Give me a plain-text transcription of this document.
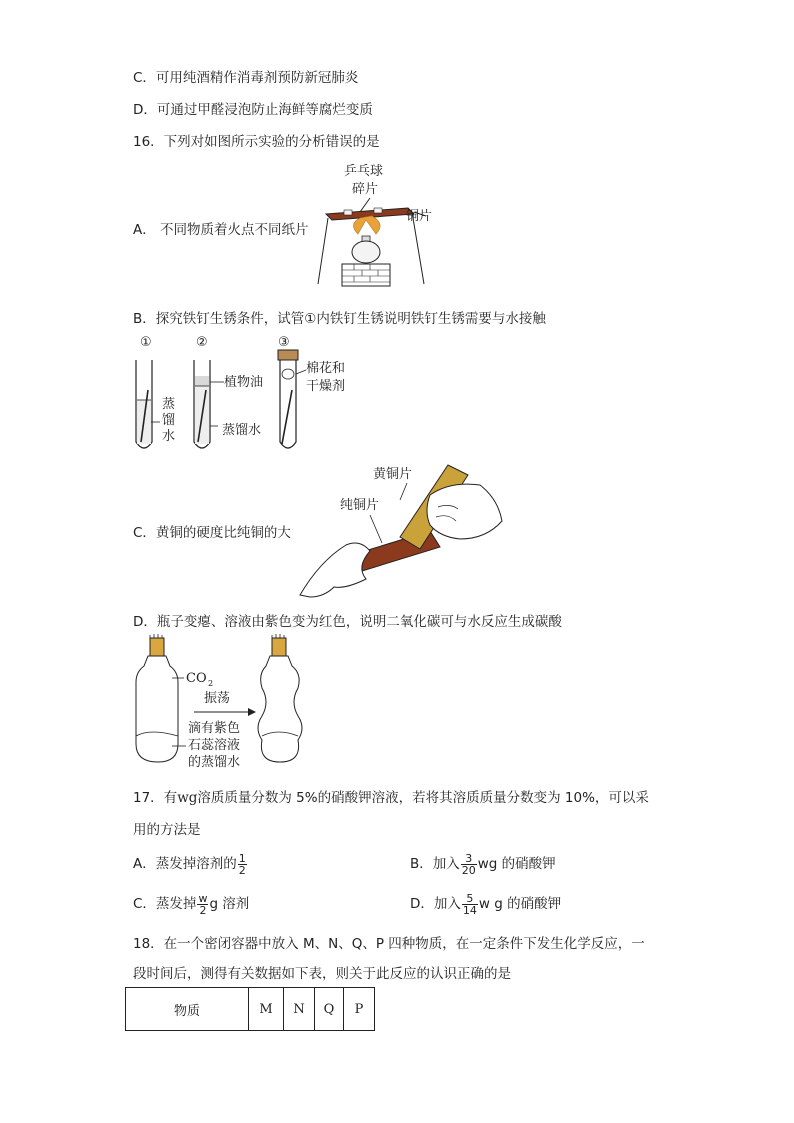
C．可用纯酒精作消毒剂预防新冠肺炎
D．可通过甲醛浸泡防止海鲜等腐烂变质
16．下列对如图所示实验的分析错误的是
A． 不同物质着火点不同纸片
乒乓球
碎片
铜片
B．探究铁钉生锈条件，试管①内铁钉生锈说明铁钉生锈需要与水接触
①	②	③
蒸
馏
水
植物油
蒸馏水
棉花和
干燥剂
C．黄铜的硬度比纯铜的大
黄铜片
纯铜片
D．瓶子变瘪、溶液由紫色变为红色，说明二氧化碳可与水反应生成碳酸
CO 2
振荡
滴有紫色
石蕊溶液
的蒸馏水
17．有wg溶质质量分数为 5%的硝酸钾溶液，若将其溶质质量分数变为 10%，可以采
用的方法是
A．蒸发掉溶剂的 $\frac{1}{2}$	B．加入 $\frac{3}{20}$ wg 的硝酸钾
C．蒸发掉 $\frac{w}{2}$ g 溶剂	D．加入 $\frac{5}{14}$ w g 的硝酸钾
18．在一个密闭容器中放入 M、N、Q、P 四种物质，在一定条件下发生化学反应，一
段时间后，测得有关数据如下表，则关于此反应的认识正确的是
物质	M	N	Q	P
